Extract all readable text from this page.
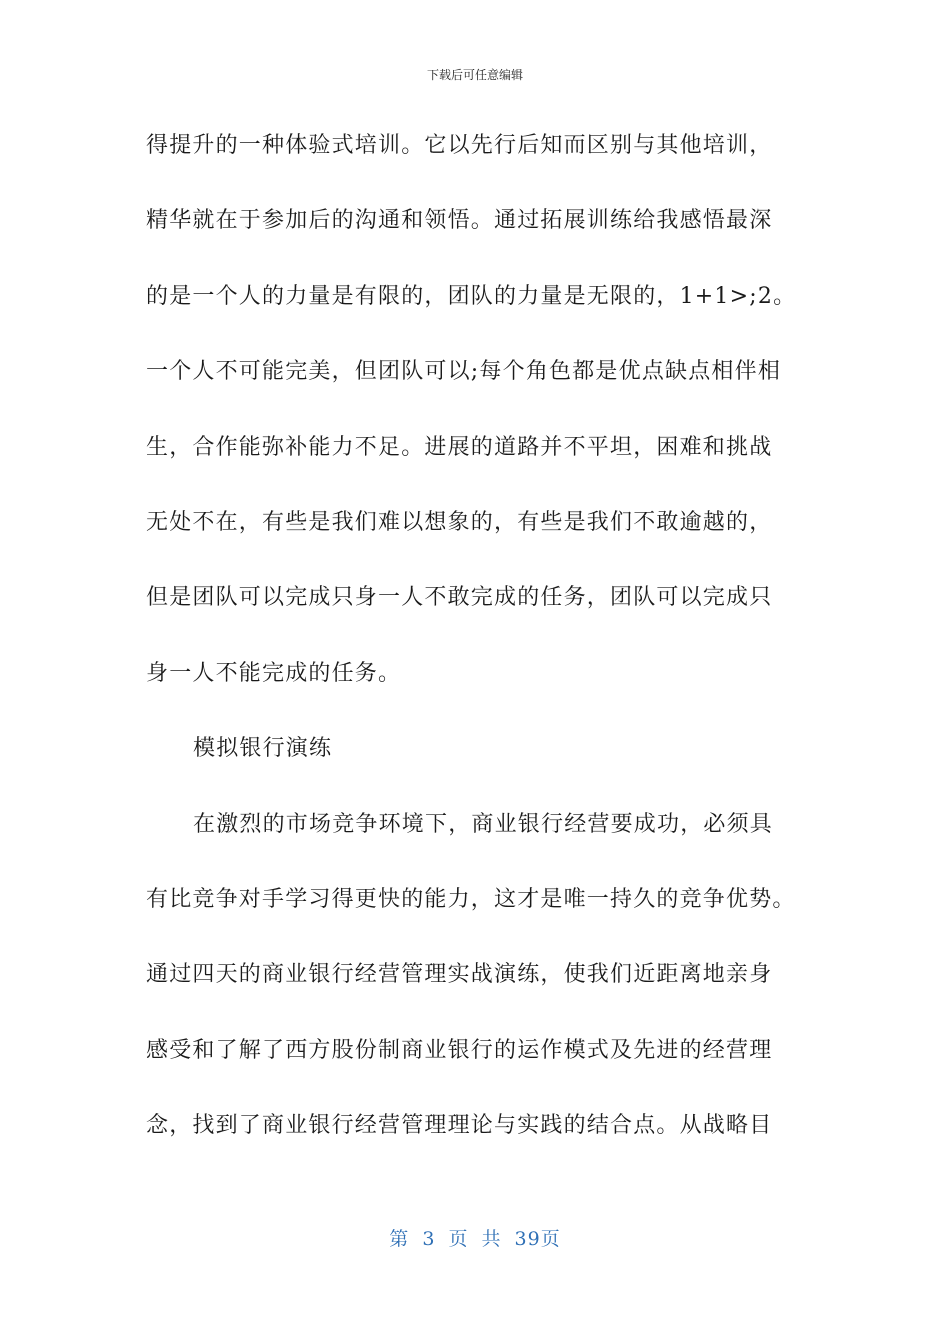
下载后可任意编辑
得提升的一种体验式培训。它以先行后知而区别与其他培训，
精华就在于参加后的沟通和领悟。通过拓展训练给我感悟最深
的是一个人的力量是有限的，团队的力量是无限的，1+1>;2。
一个人不可能完美，但团队可以;每个角色都是优点缺点相伴相
生，合作能弥补能力不足。进展的道路并不平坦，困难和挑战
无处不在，有些是我们难以想象的，有些是我们不敢逾越的，
但是团队可以完成只身一人不敢完成的任务，团队可以完成只
身一人不能完成的任务。
模拟银行演练
在激烈的市场竞争环境下，商业银行经营要成功，必须具
有比竞争对手学习得更快的能力，这才是唯一持久的竞争优势。
通过四天的商业银行经营管理实战演练，使我们近距离地亲身
感受和了解了西方股份制商业银行的运作模式及先进的经营理
念，找到了商业银行经营管理理论与实践的结合点。从战略目
第 3 页 共 39页
